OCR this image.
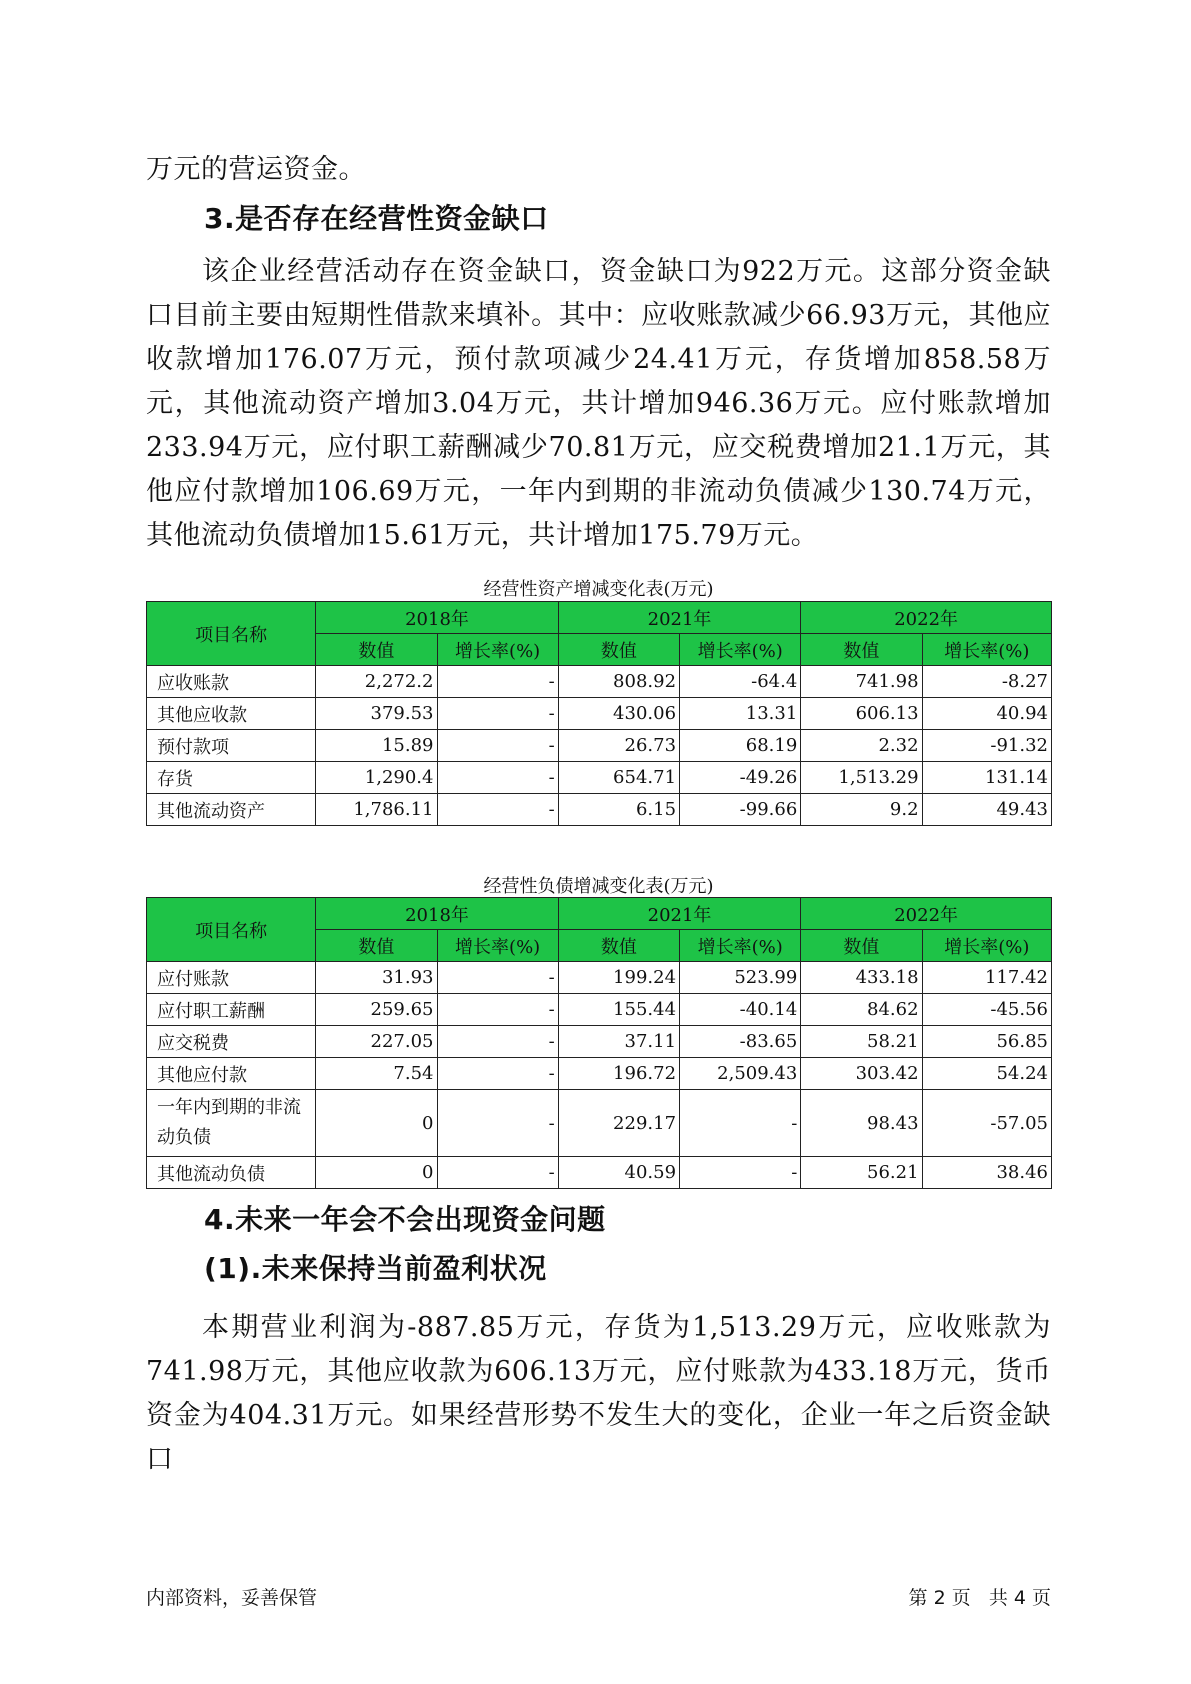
万元的营运资金。

3.是否存在经营性资金缺口

该企业经营活动存在资金缺口，资金缺口为922万元。这部分资金缺口目前主要由短期性借款来填补。其中：应收账款减少66.93万元，其他应收款增加176.07万元，预付款项减少24.41万元，存货增加858.58万元，其他流动资产增加3.04万元，共计增加946.36万元。应付账款增加233.94万元，应付职工薪酬减少70.81万元，应交税费增加21.1万元，其他应付款增加106.69万元，一年内到期的非流动负债减少130.74万元，其他流动负债增加15.61万元，共计增加175.79万元。

经营性资产增减变化表(万元)

项目名称	2018年		2021年		2022年	
	数值	增长率(%)	数值	增长率(%)	数值	增长率(%)
应收账款	2,272.2	-	808.92	-64.4	741.98	-8.27
其他应收款	379.53	-	430.06	13.31	606.13	40.94
预付款项	15.89	-	26.73	68.19	2.32	-91.32
存货	1,290.4	-	654.71	-49.26	1,513.29	131.14
其他流动资产	1,786.11	-	6.15	-99.66	9.2	49.43

经营性负债增减变化表(万元)

项目名称	2018年		2021年		2022年	
	数值	增长率(%)	数值	增长率(%)	数值	增长率(%)
应付账款	31.93	-	199.24	523.99	433.18	117.42
应付职工薪酬	259.65	-	155.44	-40.14	84.62	-45.56
应交税费	227.05	-	37.11	-83.65	58.21	56.85
其他应付款	7.54	-	196.72	2,509.43	303.42	54.24
一年内到期的非流动负债	0	-	229.17	-	98.43	-57.05
其他流动负债	0	-	40.59	-	56.21	38.46
4.未来一年会不会出现资金问题
(1).未来保持当前盈利状况

本期营业利润为-887.85万元，存货为1,513.29万元，应收账款为741.98万元，其他应收款为606.13万元，应付账款为433.18万元，货币资金为404.31万元。如果经营形势不发生大的变化，企业一年之后资金缺口

内部资料，妥善保管	第 2 页   共 4 页
